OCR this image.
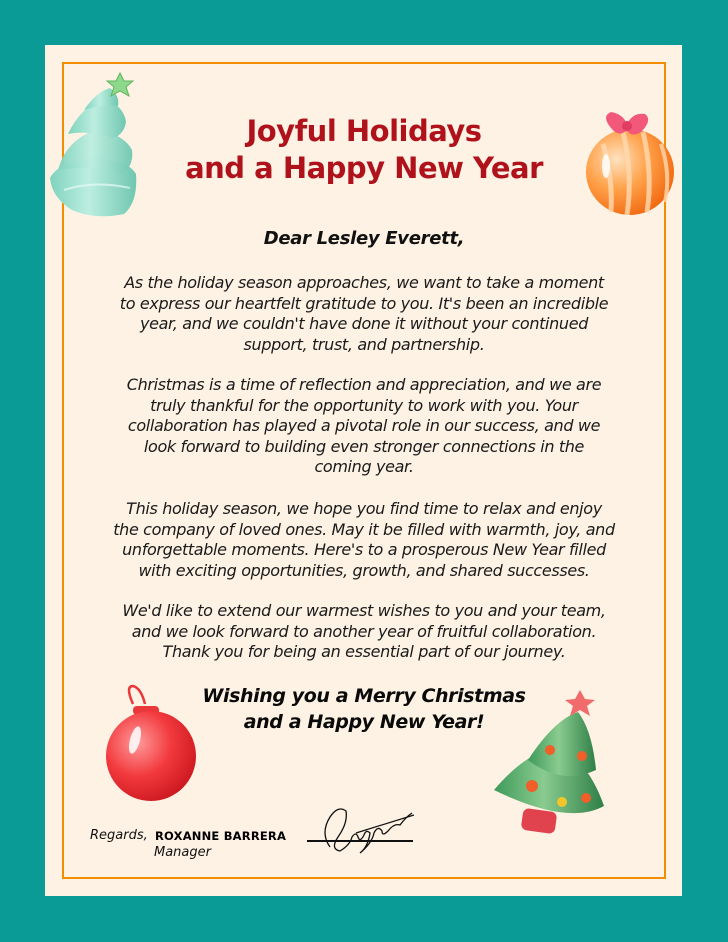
Joyful Holidays
and a Happy New Year
Dear Lesley Everett,
As the holiday season approaches, we want to take a moment
to express our heartfelt gratitude to you. It's been an incredible
year, and we couldn't have done it without your continued
support, trust, and partnership.
Christmas is a time of reflection and appreciation, and we are
truly thankful for the opportunity to work with you. Your
collaboration has played a pivotal role in our success, and we
look forward to building even stronger connections in the
coming year.
This holiday season, we hope you find time to relax and enjoy
the company of loved ones. May it be filled with warmth, joy, and
unforgettable moments. Here's to a prosperous New Year filled
with exciting opportunities, growth, and shared successes.
We'd like to extend our warmest wishes to you and your team,
and we look forward to another year of fruitful collaboration.
Thank you for being an essential part of our journey.
Wishing you a Merry Christmas
and a Happy New Year!
Regards, ROXANNE BARRERA
Manager
